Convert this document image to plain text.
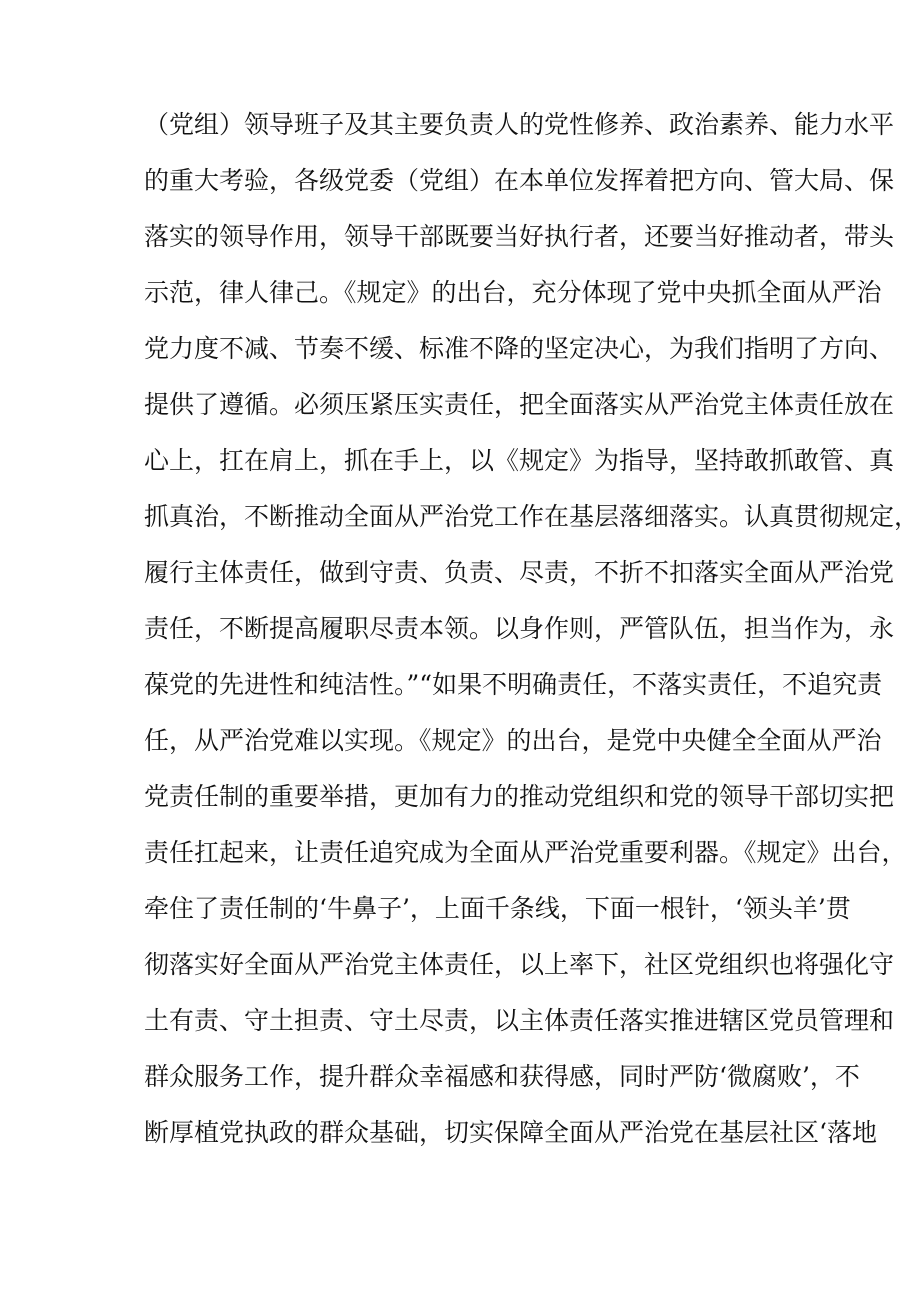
（党组）领导班子及其主要负责人的党性修养、政治素养、能力水平
的重大考验，各级党委（党组）在本单位发挥着把方向、管大局、保
落实的领导作用，领导干部既要当好执行者，还要当好推动者，带头
示范，律人律己。《规定》的出台，充分体现了党中央抓全面从严治
党力度不减、节奏不缓、标准不降的坚定决心，为我们指明了方向、
提供了遵循。必须压紧压实责任，把全面落实从严治党主体责任放在
心上，扛在肩上，抓在手上，以《规定》为指导，坚持敢抓敢管、真
抓真治，不断推动全面从严治党工作在基层落细落实。认真贯彻规定，
履行主体责任，做到守责、负责、尽责，不折不扣落实全面从严治党
责任，不断提高履职尽责本领。以身作则，严管队伍，担当作为，永
葆党的先进性和纯洁性。”“如果不明确责任，不落实责任，不追究责
任，从严治党难以实现。《规定》的出台，是党中央健全全面从严治
党责任制的重要举措，更加有力的推动党组织和党的领导干部切实把
责任扛起来，让责任追究成为全面从严治党重要利器。《规定》出台，
牵住了责任制的‘牛鼻子’，上面千条线，下面一根针，‘领头羊’贯
彻落实好全面从严治党主体责任，以上率下，社区党组织也将强化守
土有责、守土担责、守土尽责，以主体责任落实推进辖区党员管理和
群众服务工作，提升群众幸福感和获得感，同时严防‘微腐败’，不
断厚植党执政的群众基础，切实保障全面从严治党在基层社区‘落地
